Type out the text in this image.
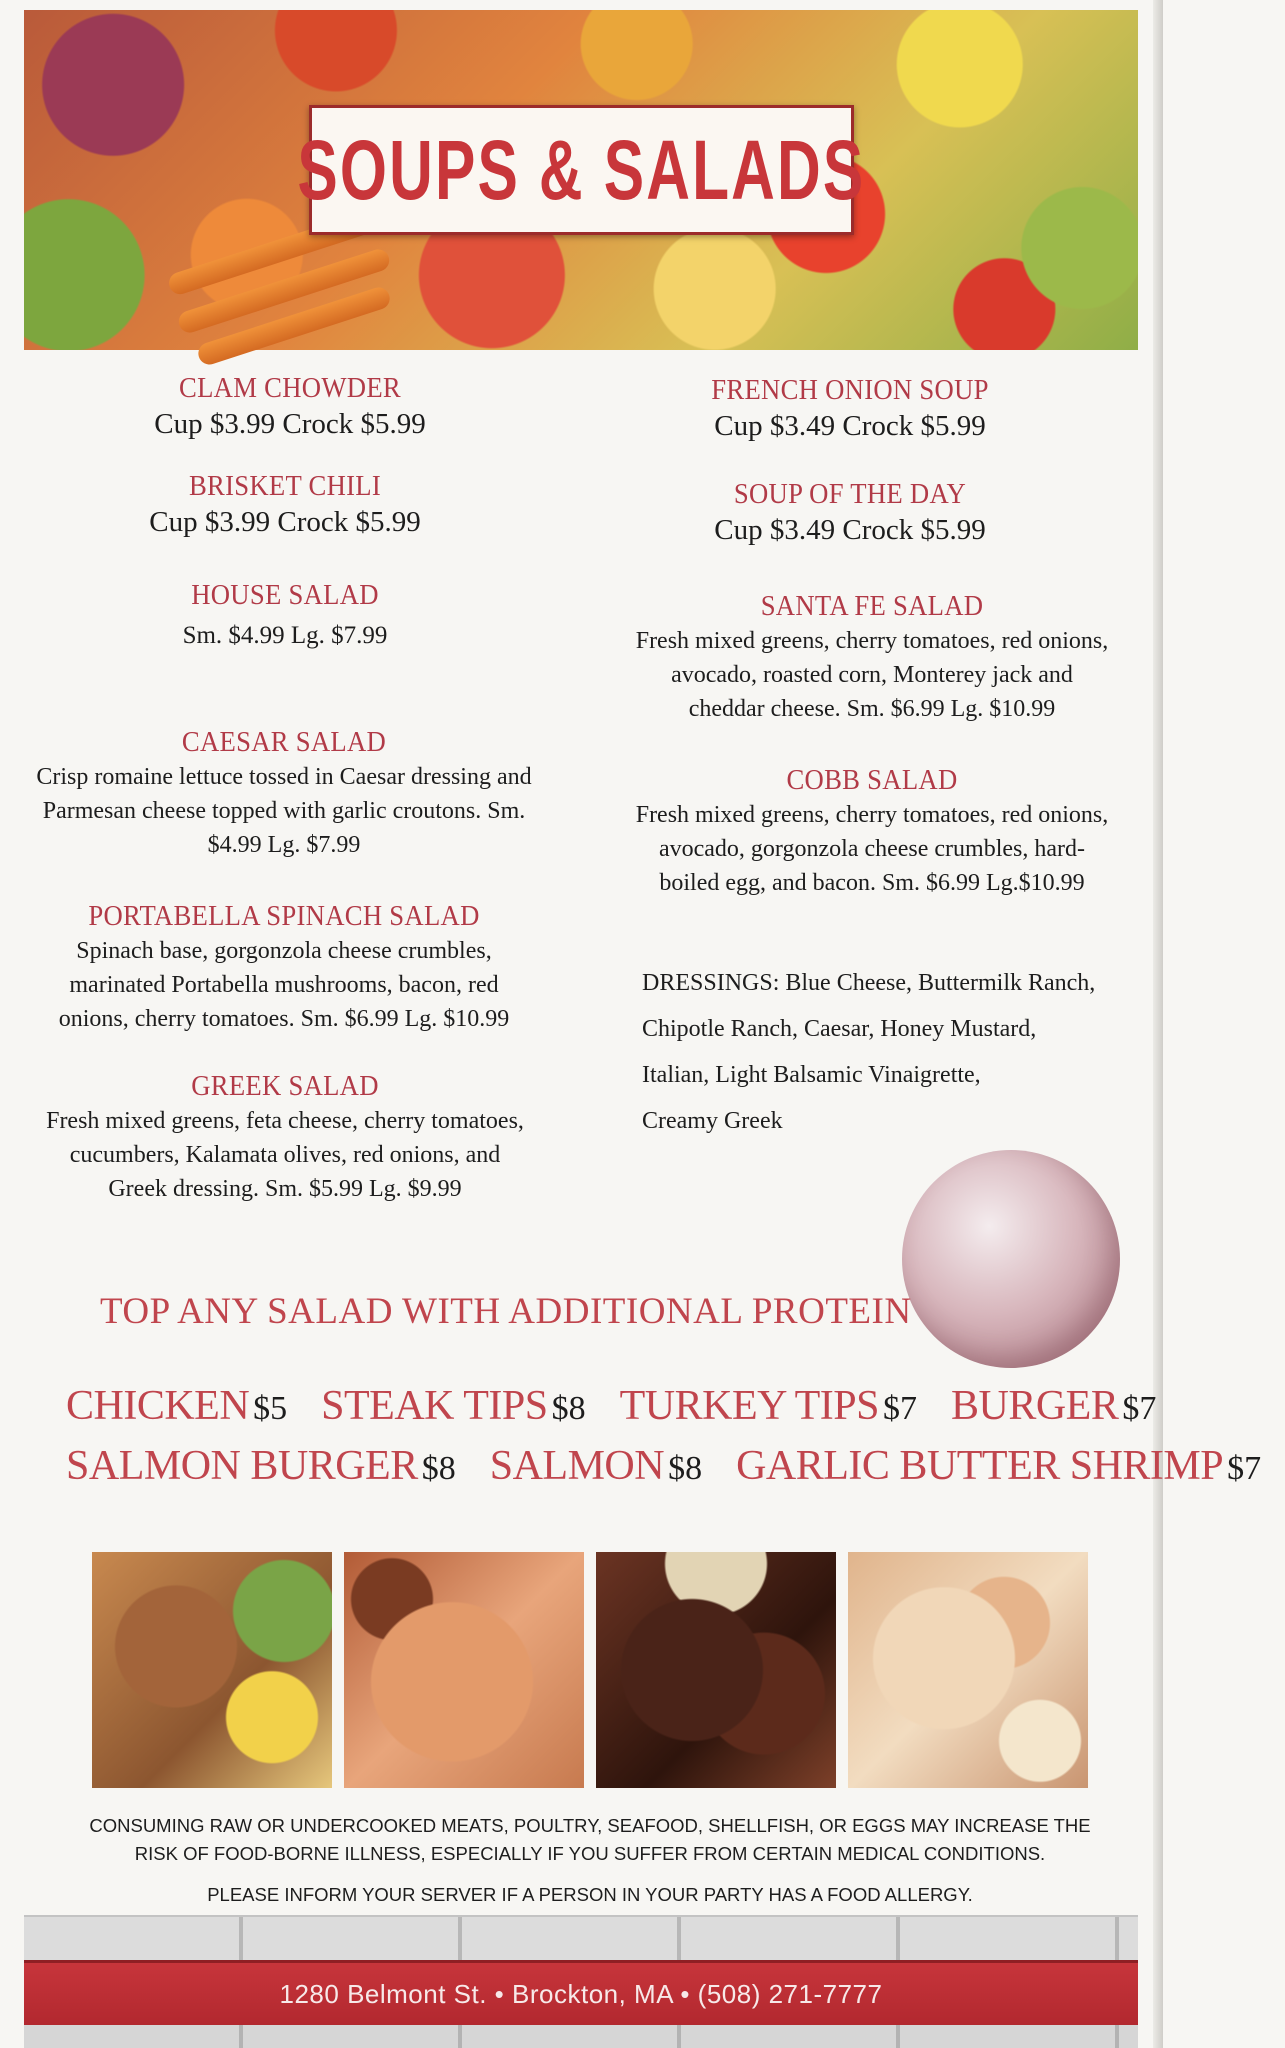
SOUPS & SALADS
CLAM CHOWDER
Cup $3.99 Crock $5.99
BRISKET CHILI
Cup $3.99 Crock $5.99
HOUSE SALAD
Sm. $4.99 Lg. $7.99
CAESAR SALAD
Crisp romaine lettuce tossed in Caesar dressing and Parmesan cheese topped with garlic croutons. Sm. $4.99 Lg. $7.99
PORTABELLA SPINACH SALAD
Spinach base, gorgonzola cheese crumbles, marinated Portabella mushrooms, bacon, red onions, cherry tomatoes. Sm. $6.99 Lg. $10.99
GREEK SALAD
Fresh mixed greens, feta cheese, cherry tomatoes, cucumbers, Kalamata olives, red onions, and Greek dressing. Sm. $5.99 Lg. $9.99
FRENCH ONION SOUP
Cup $3.49 Crock $5.99
SOUP OF THE DAY
Cup $3.49 Crock $5.99
SANTA FE SALAD
Fresh mixed greens, cherry tomatoes, red onions, avocado, roasted corn, Monterey jack and cheddar cheese. Sm. $6.99 Lg. $10.99
COBB SALAD
Fresh mixed greens, cherry tomatoes, red onions, avocado, gorgonzola cheese crumbles, hard-boiled egg, and bacon. Sm. $6.99 Lg.$10.99
DRESSINGS: Blue Cheese, Buttermilk Ranch,
Chipotle Ranch, Caesar, Honey Mustard,
Italian, Light Balsamic Vinaigrette,
Creamy Greek
TOP ANY SALAD WITH ADDITIONAL PROTEIN
CHICKEN $5 STEAK TIPS $8 TURKEY TIPS $7 BURGER $7
SALMON BURGER $8 SALMON $8 GARLIC BUTTER SHRIMP $7
CONSUMING RAW OR UNDERCOOKED MEATS, POULTRY, SEAFOOD, SHELLFISH, OR EGGS MAY INCREASE THE
RISK OF FOOD-BORNE ILLNESS, ESPECIALLY IF YOU SUFFER FROM CERTAIN MEDICAL CONDITIONS.
PLEASE INFORM YOUR SERVER IF A PERSON IN YOUR PARTY HAS A FOOD ALLERGY.
1280 Belmont St. • Brockton, MA • (508) 271-7777
